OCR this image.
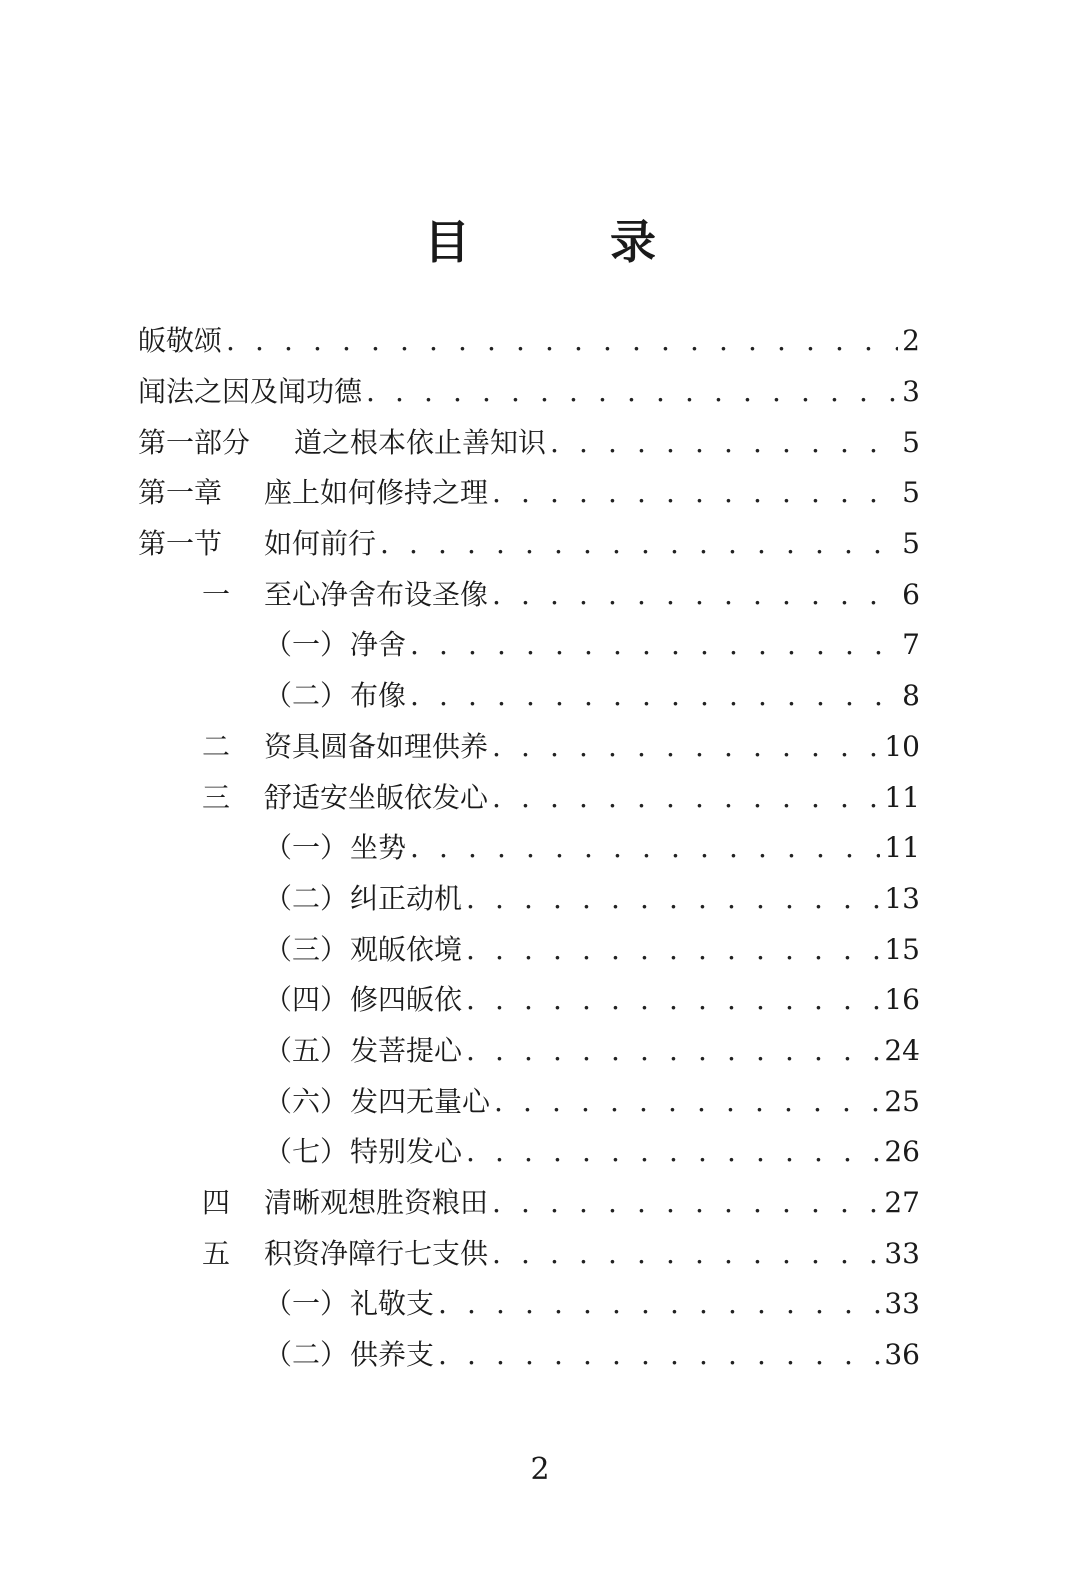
目 录
皈敬颂 . . .	2
闻法之因及闻功德 . . .	3
第一部分	道之根本依止善知识 . . .	5
第一章	座上如何修持之理 . . .	5
第一节	如何前行 . . .	5
一	至心净舍布设圣像 . . .	6
（一） 净舍 . . .	7
（二） 布像 . . .	8
二	资具圆备如理供养 . . .	10
三	舒适安坐皈依发心 . . .	11
（一） 坐势 . . .	11
（二） 纠正动机 . . .	13
（三） 观皈依境 . . .	15
（四） 修四皈依 . . .	16
（五） 发菩提心 . . .	24
（六） 发四无量心 . . .	25
（七） 特别发心 . . .	26
四	清晰观想胜资粮田 . . .	27
五	积资净障行七支供 . . .	33
（一） 礼敬支 . . .	33
（二） 供养支 . . .	36
2
